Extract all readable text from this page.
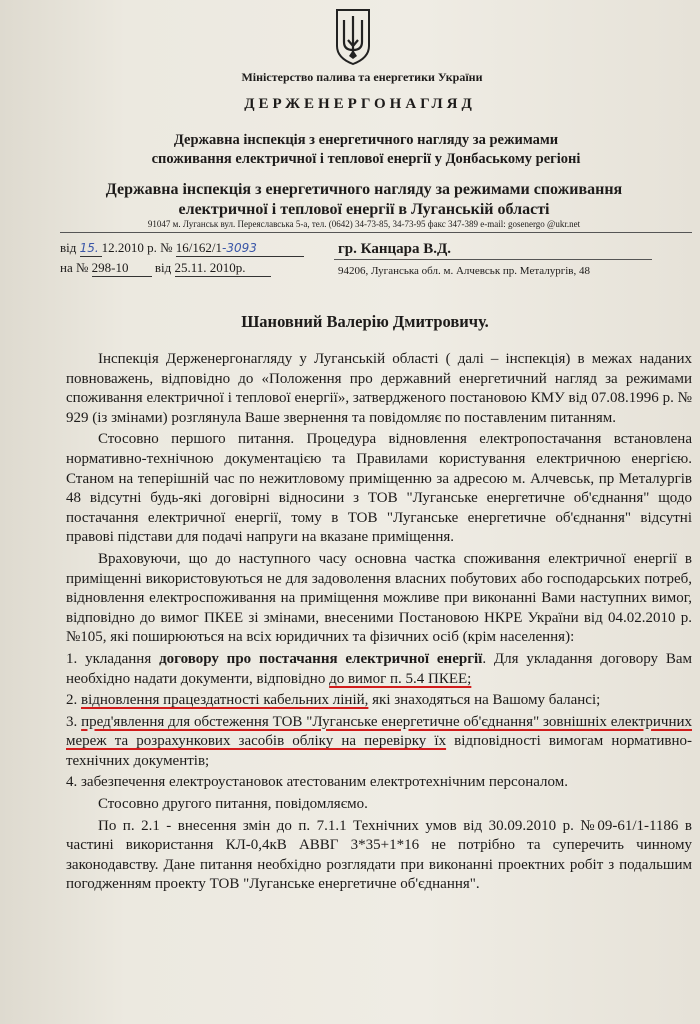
Міністерство палива та енергетики України
ДЕРЖЕНЕРГОНАГЛЯД
Державна інспекція з енергетичного нагляду за режимами
споживання електричної і теплової енергії у Донбаському регіоні
Державна інспекція з енергетичного нагляду за режимами споживання
електричної і теплової енергії в Луганській області
91047 м. Луганськ вул. Переяславська 5-а, тел. (0642) 34-73-85, 34-73-95 факс 347-389 e-mail: gosenergo @ukr.net
від 15. 12.2010 р. № 16/162/1-3093
на № 298-10 від 25.11. 2010р.
гр. Канцара В.Д.
94206, Луганська обл. м. Алчевськ пр. Металургів, 48
Шановний Валерію Дмитровичу.

Інспекція Держенергонагляду у Луганській області ( далі – інспекція) в межах наданих повноважень, відповідно до «Положення про державний енергетичний нагляд за режимами споживання електричної і теплової енергії», затвердженого постановою КМУ від 07.08.1996 р. № 929 (із змінами) розглянула Ваше звернення та повідомляє по поставленим питанням.

Стосовно першого питання. Процедура відновлення електропостачання встановлена нормативно-технічною документацією та Правилами користування електричною енергією. Станом на теперішній час по нежитловому приміщенню за адресою м. Алчевськ, пр Металургів 48 відсутні будь-які договірні відносини з ТОВ "Луганське енергетичне об'єднання" щодо постачання електричної енергії, тому в ТОВ "Луганське енергетичне об'єднання" відсутні правові підстави для подачі напруги на вказане приміщення.

Враховуючи, що до наступного часу основна частка споживання електричної енергії в приміщенні використовуються не для задоволення власних побутових або господарських потреб, відновлення електроспоживання на приміщення можливе при виконанні Вами наступних вимог, відповідно до вимог ПКЕЕ зі змінами, внесеними Постановою НКРЕ України від 04.02.2010 р. №105, які поширюються на всіх юридичних та фізичних осіб (крім населення):

1. укладання договору про постачання електричної енергії. Для укладання договору Вам необхідно надати документи, відповідно до вимог п. 5.4 ПКЕЕ;

2. відновлення працездатності кабельних ліній, які знаходяться на Вашому балансі;

3. пред'явлення для обстеження ТОВ "Луганське енергетичне об'єднання" зовнішніх електричних мереж та розрахункових засобів обліку на перевірку їх відповідності вимогам нормативно-технічних документів;

4. забезпечення електроустановок атестованим електротехнічним персоналом.

Стосовно другого питання, повідомляємо.

По п. 2.1 - внесення змін до п. 7.1.1 Технічних умов від 30.09.2010 р. №09-61/1-1186 в частині використання КЛ-0,4кВ АВВГ 3*35+1*16 не потрібно та суперечить чинному законодавству. Дане питання необхідно розглядати при виконанні проектних робіт з подальшим погодженням проекту ТОВ "Луганське енергетичне об'єднання".
